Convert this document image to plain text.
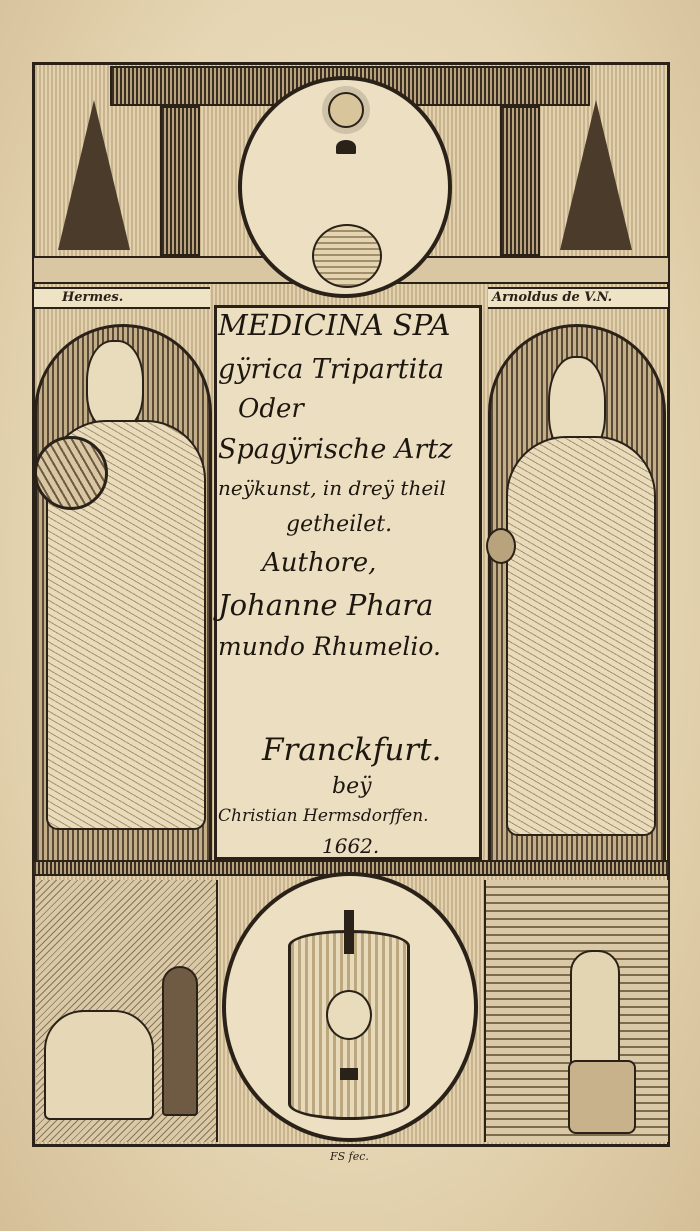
Hermes.	Arnoldus de V.N.
MEDICINA SPA
gÿrica Tripartita
Oder
Spagÿrische Artz
neÿkunst, in dreÿ theil
getheilet.
Authore,
Johanne Phara
mundo Rhumelio.
Franckfurt.
beÿ
Christian Hermsdorffen.
1662.
FS fec.
